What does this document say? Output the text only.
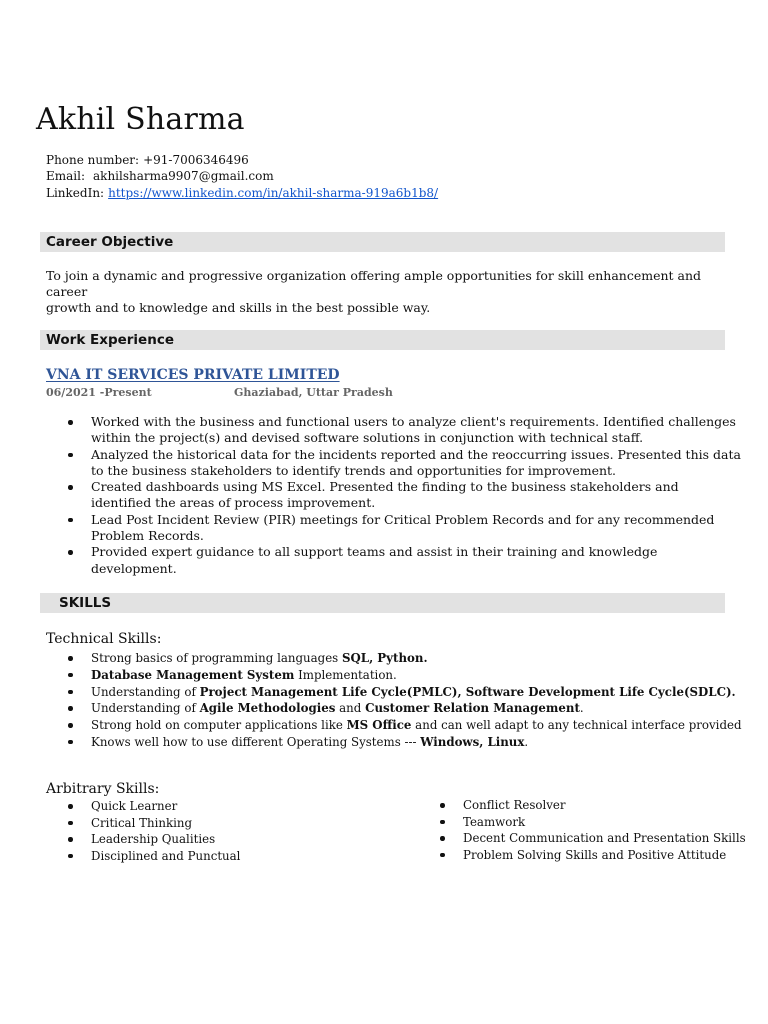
Akhil Sharma
Phone number: +91-7006346496
Email: akhilsharma9907@gmail.com
LinkedIn: https://www.linkedin.com/in/akhil-sharma-919a6b1b8/
Career Objective
To join a dynamic and progressive organization offering ample opportunities for skill enhancement and career
growth and to knowledge and skills in the best possible way.
Work Experience
VNA IT SERVICES PRIVATE LIMITED
06/2021 -Present	Ghaziabad, Uttar Pradesh
Worked with the business and functional users to analyze client's requirements. Identified challenges
within the project(s) and devised software solutions in conjunction with technical staff.
Analyzed the historical data for the incidents reported and the reoccurring issues. Presented this data
to the business stakeholders to identify trends and opportunities for improvement.
Created dashboards using MS Excel. Presented the finding to the business stakeholders and
identified the areas of process improvement.
Lead Post Incident Review (PIR) meetings for Critical Problem Records and for any recommended
Problem Records.
Provided expert guidance to all support teams and assist in their training and knowledge development.
SKILLS
Technical Skills:
Strong basics of programming languages SQL, Python.
Database Management System Implementation.
Understanding of Project Management Life Cycle(PMLC), Software Development Life Cycle(SDLC).
Understanding of Agile Methodologies and Customer Relation Management.
Strong hold on computer applications like MS Office and can well adapt to any technical interface provided
Knows well how to use different Operating Systems --- Windows, Linux.
Arbitrary Skills:
Quick Learner
Critical Thinking
Leadership Qualities
Disciplined and Punctual
Conflict Resolver
Teamwork
Decent Communication and Presentation Skills
Problem Solving Skills and Positive Attitude
